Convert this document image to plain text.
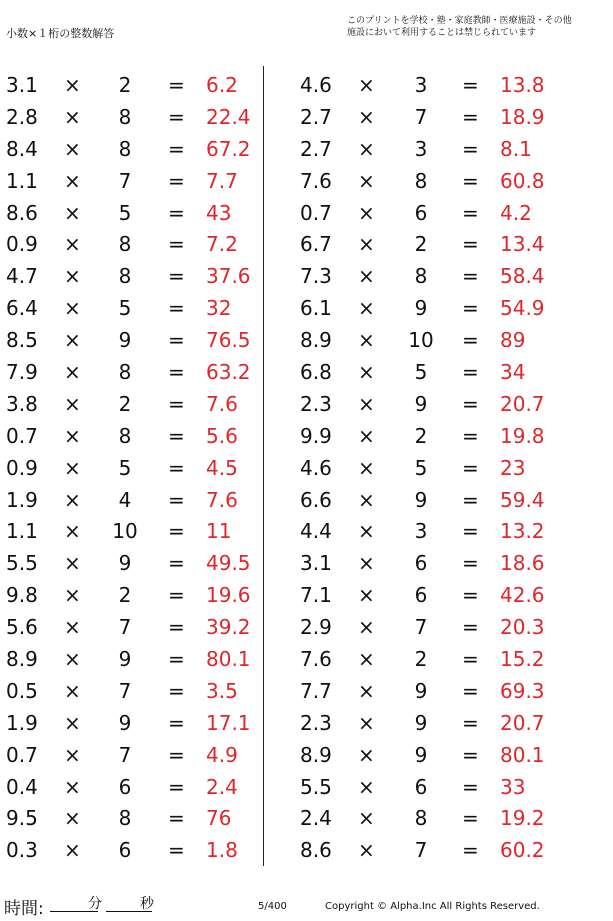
小数×１桁の整数解答
このプリントを学校・塾・家庭教師・医療施設・その他
施設において利用することは禁じられています
3.1 ×	2	= 6.2
2.8 ×	8	= 22.4
8.4 ×	8	= 67.2
1.1 ×	7	= 7.7
8.6 ×	5	= 43
0.9 ×	8	= 7.2
4.7 ×	8	= 37.6
6.4 ×	5	= 32
8.5 ×	9	= 76.5
7.9 ×	8	= 63.2
3.8 ×	2	= 7.6
0.7 ×	8	= 5.6
0.9 ×	5	= 4.5
1.9 ×	4	= 7.6
1.1 × 10 = 11
5.5 ×	9	= 49.5
9.8 ×	2	= 19.6
5.6 ×	7	= 39.2
8.9 ×	9	= 80.1
0.5 ×	7	= 3.5
1.9 ×	9	= 17.1
0.7 ×	7	= 4.9
0.4 ×	6	= 2.4
9.5 ×	8	= 76
0.3 ×	6	= 1.8
4.6 ×	3	= 13.8
2.7 ×	7	= 18.9
2.7 ×	3	= 8.1
7.6 ×	8	= 60.8
0.7 ×	6	= 4.2
6.7 ×	2	= 13.4
7.3 ×	8	= 58.4
6.1 ×	9	= 54.9
8.9 × 10 = 89
6.8 ×	5	= 34
2.3 ×	9	= 20.7
9.9 ×	2	= 19.8
4.6 ×	5	= 23
6.6 ×	9	= 59.4
4.4 ×	3	= 13.2
3.1 ×	6	= 18.6
7.1 ×	6	= 42.6
2.9 ×	7	= 20.3
7.6 ×	2	= 15.2
7.7 ×	9	= 69.3
2.3 ×	9	= 20.7
8.9 ×	9	= 80.1
5.5 ×	6	= 33
2.4 ×	8	= 19.2
8.6 ×	7	= 60.2
時間:	分	秒	5/400	Copyright © Alpha.Inc All Rights Reserved.
